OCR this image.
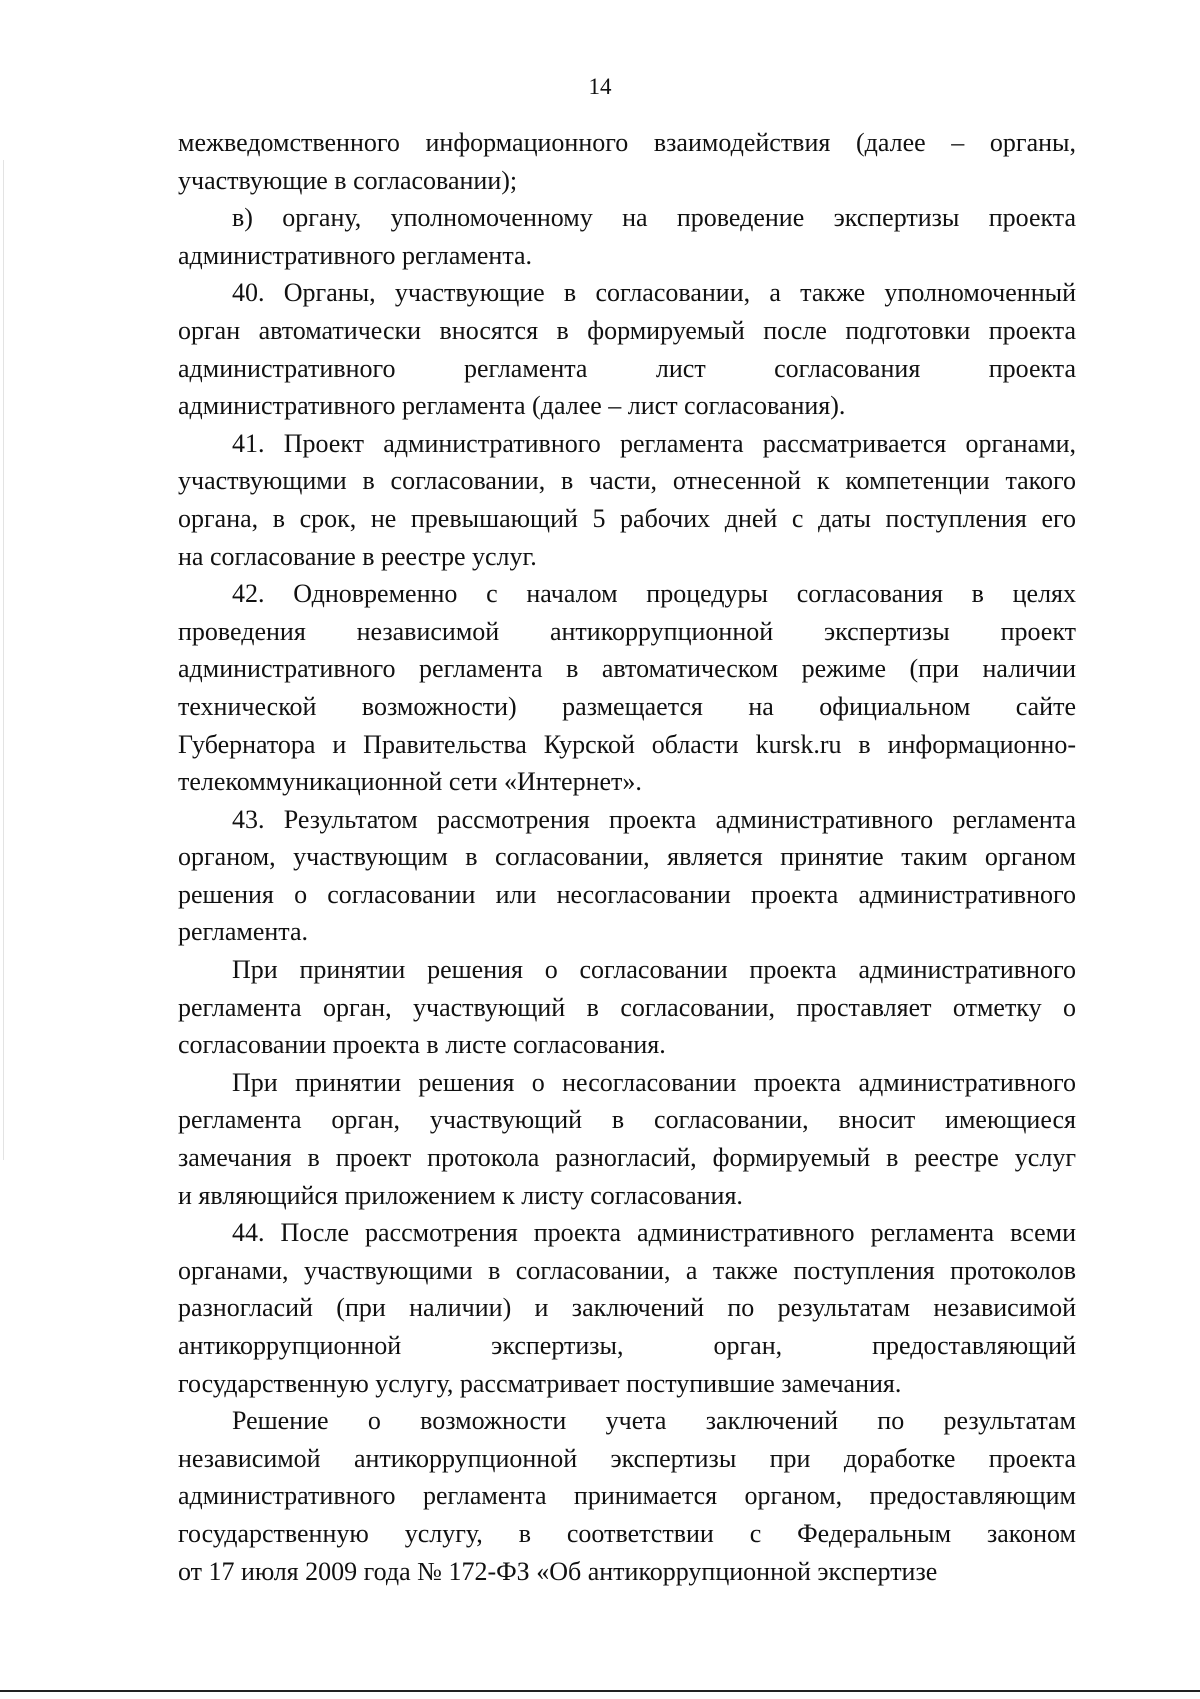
14
межведомственного информационного взаимодействия (далее – органы,
участвующие в согласовании);
в) органу, уполномоченному на проведение экспертизы проекта
административного регламента.
40. Органы, участвующие в согласовании, а также уполномоченный
орган автоматически вносятся в формируемый после подготовки проекта
административного регламента лист согласования проекта
административного регламента (далее – лист согласования).
41. Проект административного регламента рассматривается органами,
участвующими в согласовании, в части, отнесенной к компетенции такого
органа, в срок, не превышающий 5 рабочих дней с даты поступления его
на согласование в реестре услуг.
42. Одновременно с началом процедуры согласования в целях
проведения независимой антикоррупционной экспертизы проект
административного регламента в автоматическом режиме (при наличии
технической возможности) размещается на официальном сайте
Губернатора и Правительства Курской области kursk.ru в информационно-
телекоммуникационной сети «Интернет».
43. Результатом рассмотрения проекта административного регламента
органом, участвующим в согласовании, является принятие таким органом
решения о согласовании или несогласовании проекта административного
регламента.
При принятии решения о согласовании проекта административного
регламента орган, участвующий в согласовании, проставляет отметку о
согласовании проекта в листе согласования.
При принятии решения о несогласовании проекта административного
регламента орган, участвующий в согласовании, вносит имеющиеся
замечания в проект протокола разногласий, формируемый в реестре услуг
и являющийся приложением к листу согласования.
44. После рассмотрения проекта административного регламента всеми
органами, участвующими в согласовании, а также поступления протоколов
разногласий (при наличии) и заключений по результатам независимой
антикоррупционной экспертизы, орган, предоставляющий
государственную услугу, рассматривает поступившие замечания.
Решение о возможности учета заключений по результатам
независимой антикоррупционной экспертизы при доработке проекта
административного регламента принимается органом, предоставляющим
государственную услугу, в соответствии с Федеральным законом
от 17 июля 2009 года № 172-ФЗ «Об антикоррупционной экспертизе
